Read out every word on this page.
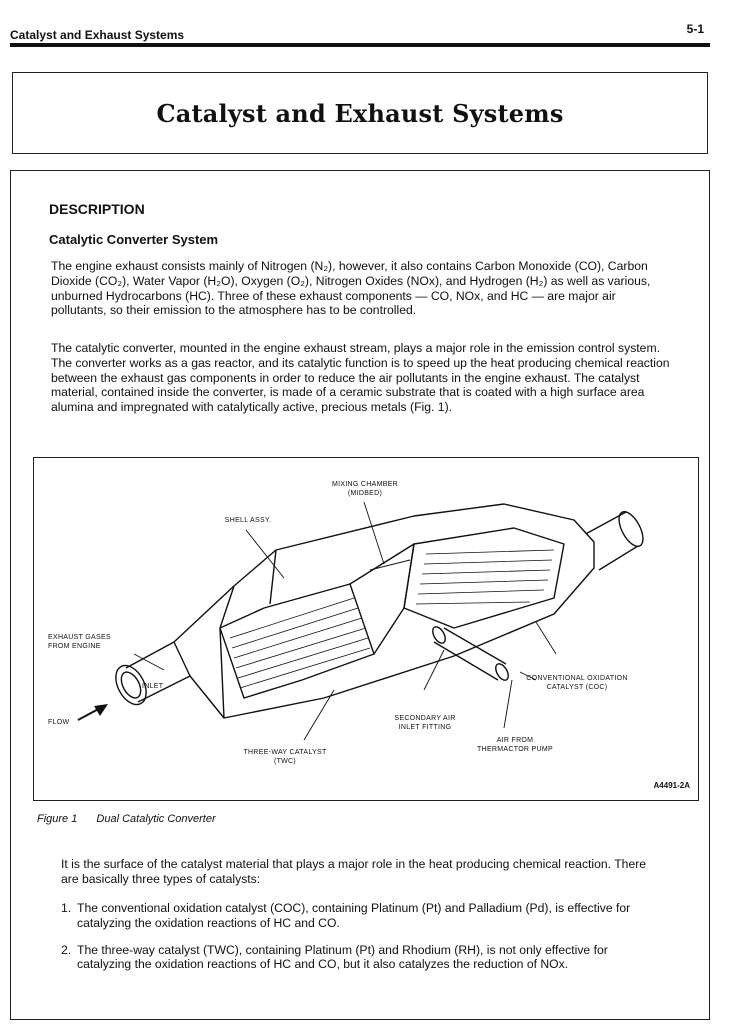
Catalyst and Exhaust Systems	5-1
Catalyst and Exhaust Systems
DESCRIPTION
Catalytic Converter System

The engine exhaust consists mainly of Nitrogen (N₂), however, it also contains Carbon Monoxide (CO), Carbon Dioxide (CO₂), Water Vapor (H₂O), Oxygen (O₂), Nitrogen Oxides (NOx), and Hydrogen (H₂) as well as various, unburned Hydrocarbons (HC). Three of these exhaust components — CO, NOx, and HC — are major air pollutants, so their emission to the atmosphere has to be controlled.

The catalytic converter, mounted in the engine exhaust stream, plays a major role in the emission control system. The converter works as a gas reactor, and its catalytic function is to speed up the heat producing chemical reaction between the exhaust gas components in order to reduce the air pollutants in the engine exhaust. The catalyst material, contained inside the converter, is made of a ceramic substrate that is coated with a high surface area alumina and impregnated with catalytically active, precious metals (Fig. 1).

MIXING CHAMBER
(MIDBED)
SHELL ASSY.
EXHAUST GASES
FROM ENGINE
INLET
FLOW
CONVENTIONAL OXIDATION
CATALYST (COC)
SECONDARY AIR
INLET FITTING
AIR FROM
THERMACTOR PUMP
THREE-WAY CATALYST
(TWC)
A4491-2A

Figure 1 Dual Catalytic Converter

It is the surface of the catalyst material that plays a major role in the heat producing chemical reaction. There are basically three types of catalysts:

1. The conventional oxidation catalyst (COC), containing Platinum (Pt) and Palladium (Pd), is effective for catalyzing the oxidation reactions of HC and CO.
2. The three-way catalyst (TWC), containing Platinum (Pt) and Rhodium (RH), is not only effective for catalyzing the oxidation reactions of HC and CO, but it also catalyzes the reduction of NOx.
